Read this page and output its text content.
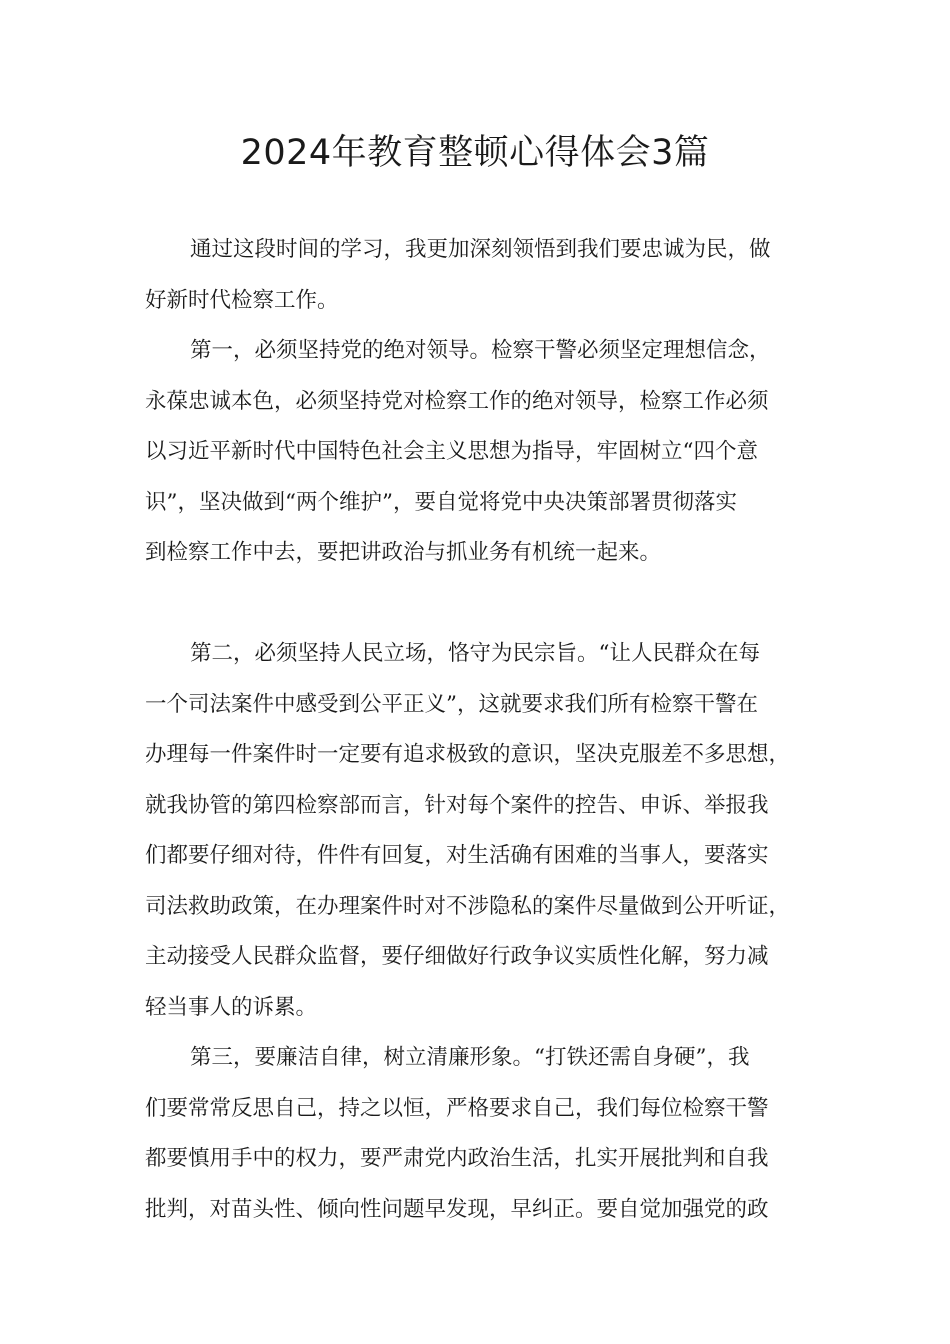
2024年教育整顿心得体会3篇
通过这段时间的学习，我更加深刻领悟到我们要忠诚为民，做
好新时代检察工作。
第一，必须坚持党的绝对领导。检察干警必须坚定理想信念，
永葆忠诚本色，必须坚持党对检察工作的绝对领导，检察工作必须
以习近平新时代中国特色社会主义思想为指导，牢固树立“四个意
识”，坚决做到“两个维护”，要自觉将党中央决策部署贯彻落实
到检察工作中去，要把讲政治与抓业务有机统一起来。
第二，必须坚持人民立场，恪守为民宗旨。“让人民群众在每
一个司法案件中感受到公平正义”，这就要求我们所有检察干警在
办理每一件案件时一定要有追求极致的意识，坚决克服差不多思想，
就我协管的第四检察部而言，针对每个案件的控告、申诉、举报我
们都要仔细对待，件件有回复，对生活确有困难的当事人，要落实
司法救助政策，在办理案件时对不涉隐私的案件尽量做到公开听证，
主动接受人民群众监督，要仔细做好行政争议实质性化解，努力减
轻当事人的诉累。
第三，要廉洁自律，树立清廉形象。“打铁还需自身硬”，我
们要常常反思自己，持之以恒，严格要求自己，我们每位检察干警
都要慎用手中的权力，要严肃党内政治生活，扎实开展批判和自我
批判，对苗头性、倾向性问题早发现，早纠正。要自觉加强党的政
